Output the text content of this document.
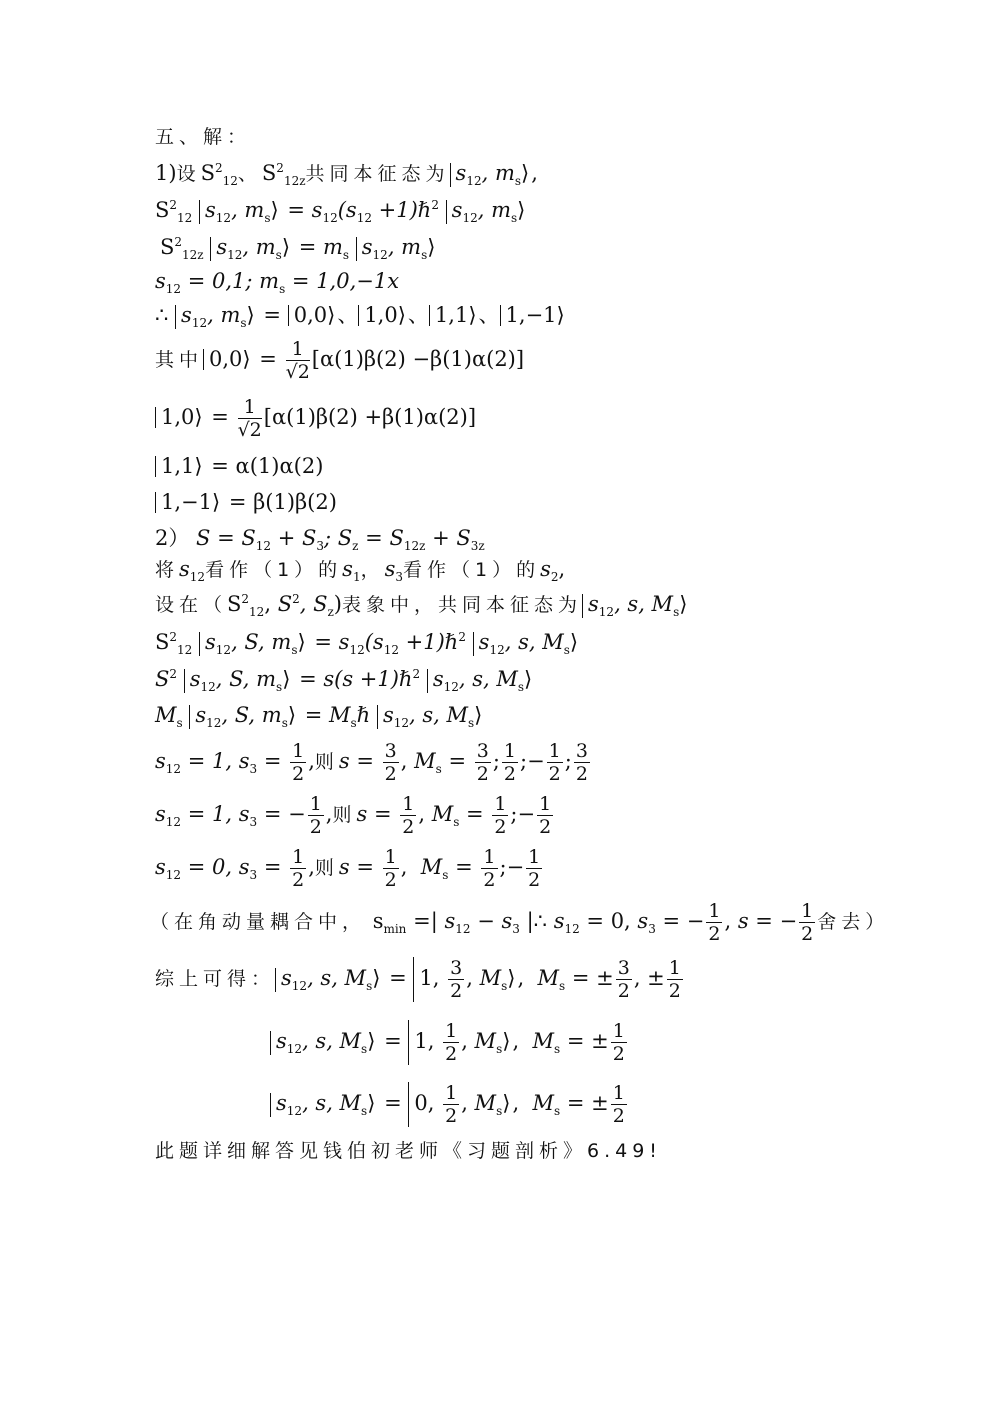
五、解：
1)设$S^2_{12}$、$S^2_{12z}$共同本征态为 $s_{12}$, $m_s$ ⟩ ,
$S^2_{12}$ $s_{12}$, $m_s$ ⟩ = $s_{12}(s_{12}$ +1)ℏ$^2$ $s_{12}$, $m_s$ ⟩
$S^2_{12z}$ $s_{12}$, $m_s$ ⟩ = $m_s$ $s_{12}$, $m_s$ ⟩
$s_{12} = 0,1$; $m_s = 1,0,-1x$
∴ $s_{12}$, $m_s$ ⟩ = 0,0 ⟩ 、 1,0 ⟩ 、 1,1 ⟩ 、 1,−1 ⟩
其中 0,0 ⟩ = $\frac{1}{√2} [\alpha(1)\beta(2) -\beta(1)\alpha(2)]$
1,0 ⟩ = $\frac{1}{√2} [\alpha(1)\beta(2) +\beta(1)\alpha(2)]$
1,1 ⟩ = α(1)α(2)
1,−1 ⟩ = β(1)β(2)
2） $S = S_{12} + S_3$; $S_z = S_{12z} + S_{3z}$
将$s_{12}$看作（1）的$s_1$，$s_3$看作（1）的$s_2$,
设在（$S^2_{12}$, $S^2$, $S_z$)表象中，共同本征态为 $s_{12}$, s, $M_s$ ⟩
$S^2_{12}$ $s_{12}$, S, $m_s$ ⟩ = $s_{12}(s_{12}$ +1)ℏ$^2$ $s_{12}$, s, $M_s$ ⟩
$S^2$ $s_{12}$, S, $m_s$ ⟩ = s(s +1)ℏ$^2$ $s_{12}$, s, $M_s$ ⟩
$M_s$ $s_{12}$, S, $m_s$ ⟩ = $M_s\hbar$ $s_{12}$, s, $M_s$ ⟩
$s_{12} = 1$, $s_3 = \frac{1}{2}$ ,则$s = \frac{3}{2}$ , $M_s = \frac{3}{2}$ ; $\frac{1}{2}$ ;− $\frac{1}{2}$ ; $\frac{3}{2}$
$s_{12} = 1$, $s_3$ = − $\frac{1}{2}$ ,则$s = \frac{1}{2}$ , $M_s = \frac{1}{2}$ ;− $\frac{1}{2}$
$s_{12} = 0$, $s_3 = \frac{1}{2}$ ,则$s = \frac{1}{2}$ ,  $M_s = \frac{1}{2}$ ;− $\frac{1}{2}$
（在角动量耦合中， $s_{min}$ =| $s_{12} - s_3$ |∴ $s_{12} = 0$, $s_3$ = − $\frac{1}{2}$ , s = − $\frac{1}{2}$ 舍去）
综上可得： $s_{12}$, s, $M_s$ ⟩ = 1, $\frac{3}{2}$ , $M_s$ ⟩ ,  $M_s$ = ± $\frac{3}{2}$ , ± $\frac{1}{2}$
$s_{12}$, s, $M_s$ ⟩ = 1, $\frac{1}{2}$ , $M_s$ ⟩ ,  $M_s$ = ± $\frac{1}{2}$
$s_{12}$, s, $M_s$ ⟩ = 0, $\frac{1}{2}$ , $M_s$ ⟩ ,  $M_s$ = ± $\frac{1}{2}$
此题详细解答见钱伯初老师《习题剖析》6.49!
